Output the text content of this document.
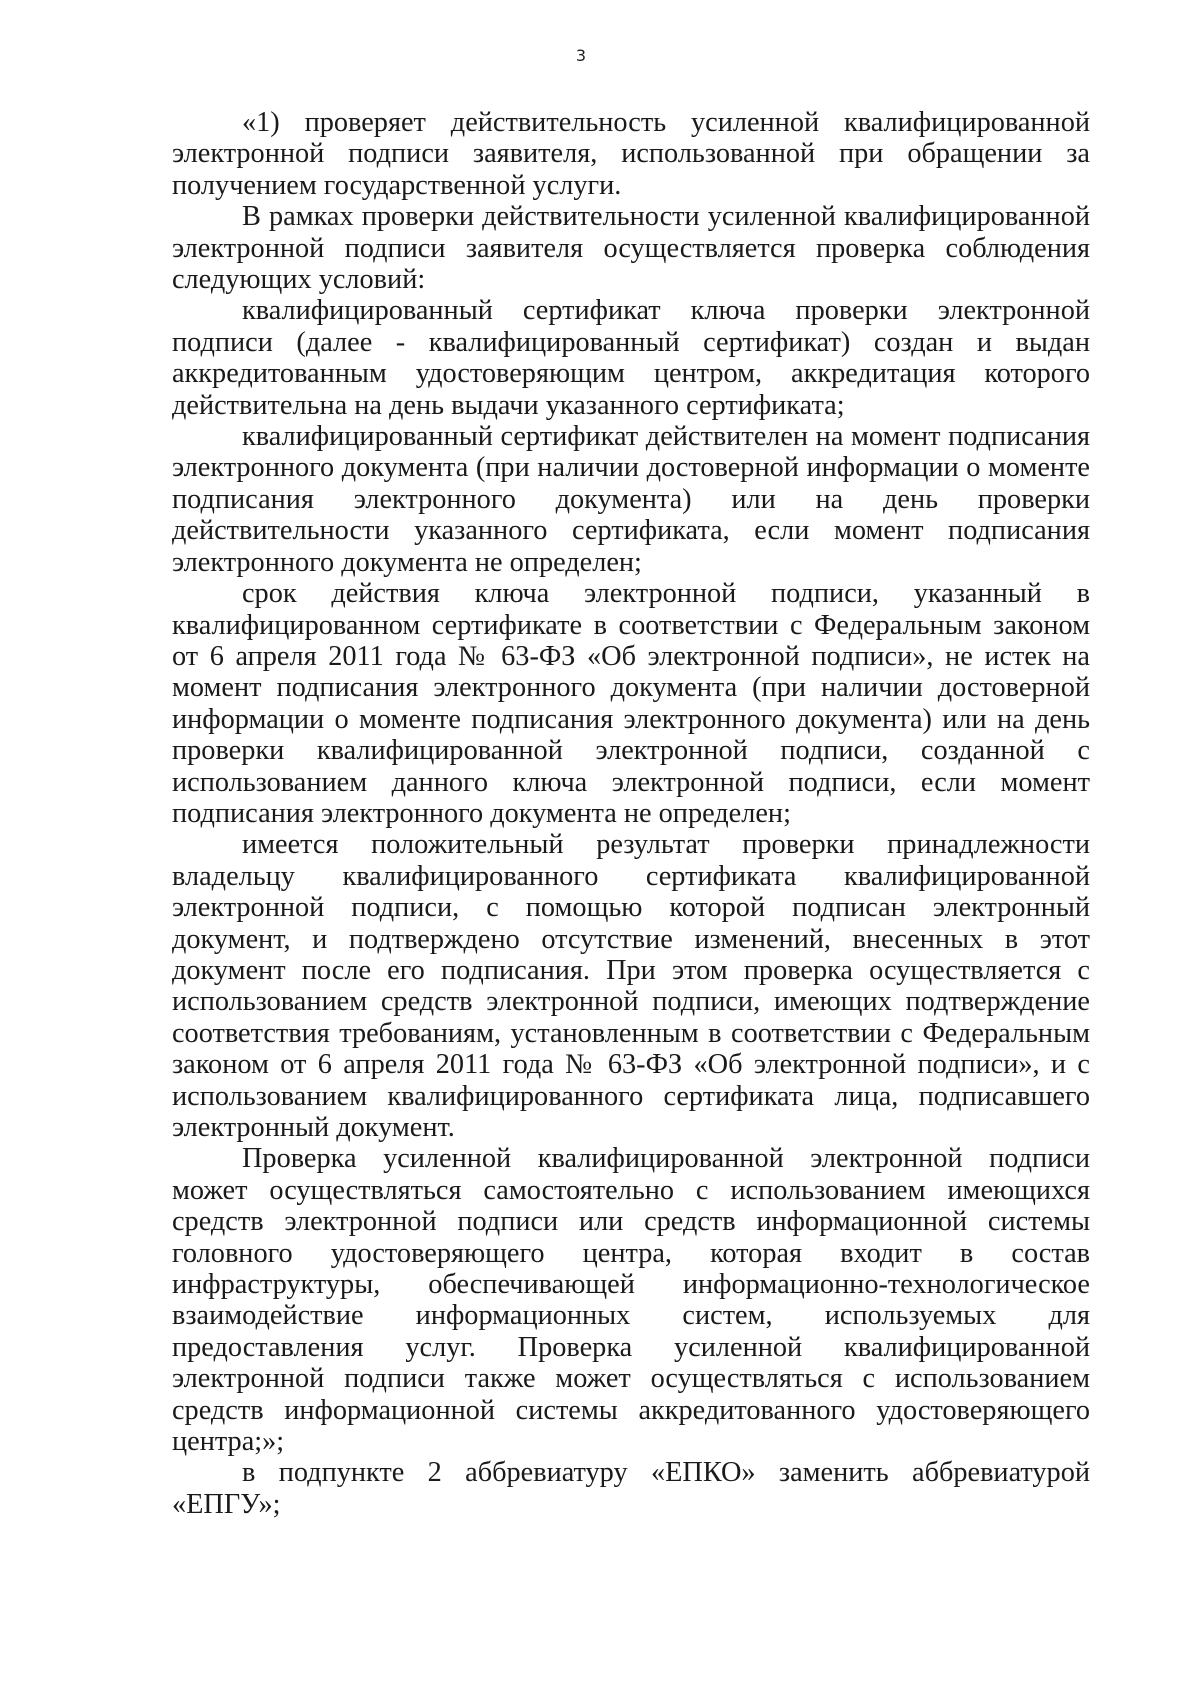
3

«1) проверяет действительность усиленной квалифицированной электронной подписи заявителя, использованной при обращении за получением государственной услуги.

В рамках проверки действительности усиленной квалифицированной электронной подписи заявителя осуществляется проверка соблюдения следующих условий:

квалифицированный сертификат ключа проверки электронной подписи (далее - квалифицированный сертификат) создан и выдан аккредитованным удостоверяющим центром, аккредитация которого действительна на день выдачи указанного сертификата;

квалифицированный сертификат действителен на момент подписания электронного документа (при наличии достоверной информации о моменте подписания электронного документа) или на день проверки действительности указанного сертификата, если момент подписания электронного документа не определен;

срок действия ключа электронной подписи, указанный в квалифицированном сертификате в соответствии с Федеральным законом от 6 апреля 2011 года № 63-ФЗ «Об электронной подписи», не истек на момент подписания электронного документа (при наличии достоверной информации о моменте подписания электронного документа) или на день проверки квалифицированной электронной подписи, созданной с использованием данного ключа электронной подписи, если момент подписания электронного документа не определен;

имеется положительный результат проверки принадлежности владельцу квалифицированного сертификата квалифицированной электронной подписи, с помощью которой подписан электронный документ, и подтверждено отсутствие изменений, внесенных в этот документ после его подписания. При этом проверка осуществляется с использованием средств электронной подписи, имеющих подтверждение соответствия требованиям, установленным в соответствии с Федеральным законом от 6 апреля 2011 года № 63-ФЗ «Об электронной подписи», и с использованием квалифицированного сертификата лица, подписавшего электронный документ.

Проверка усиленной квалифицированной электронной подписи может осуществляться самостоятельно с использованием имеющихся средств электронной подписи или средств информационной системы головного удостоверяющего центра, которая входит в состав инфраструктуры, обеспечивающей информационно-технологическое взаимодействие информационных систем, используемых для предоставления услуг. Проверка усиленной квалифицированной электронной подписи также может осуществляться с использованием средств информационной системы аккредитованного удостоверяющего центра;»;

в подпункте 2 аббревиатуру «ЕПКО» заменить аббревиатурой «ЕПГУ»;
